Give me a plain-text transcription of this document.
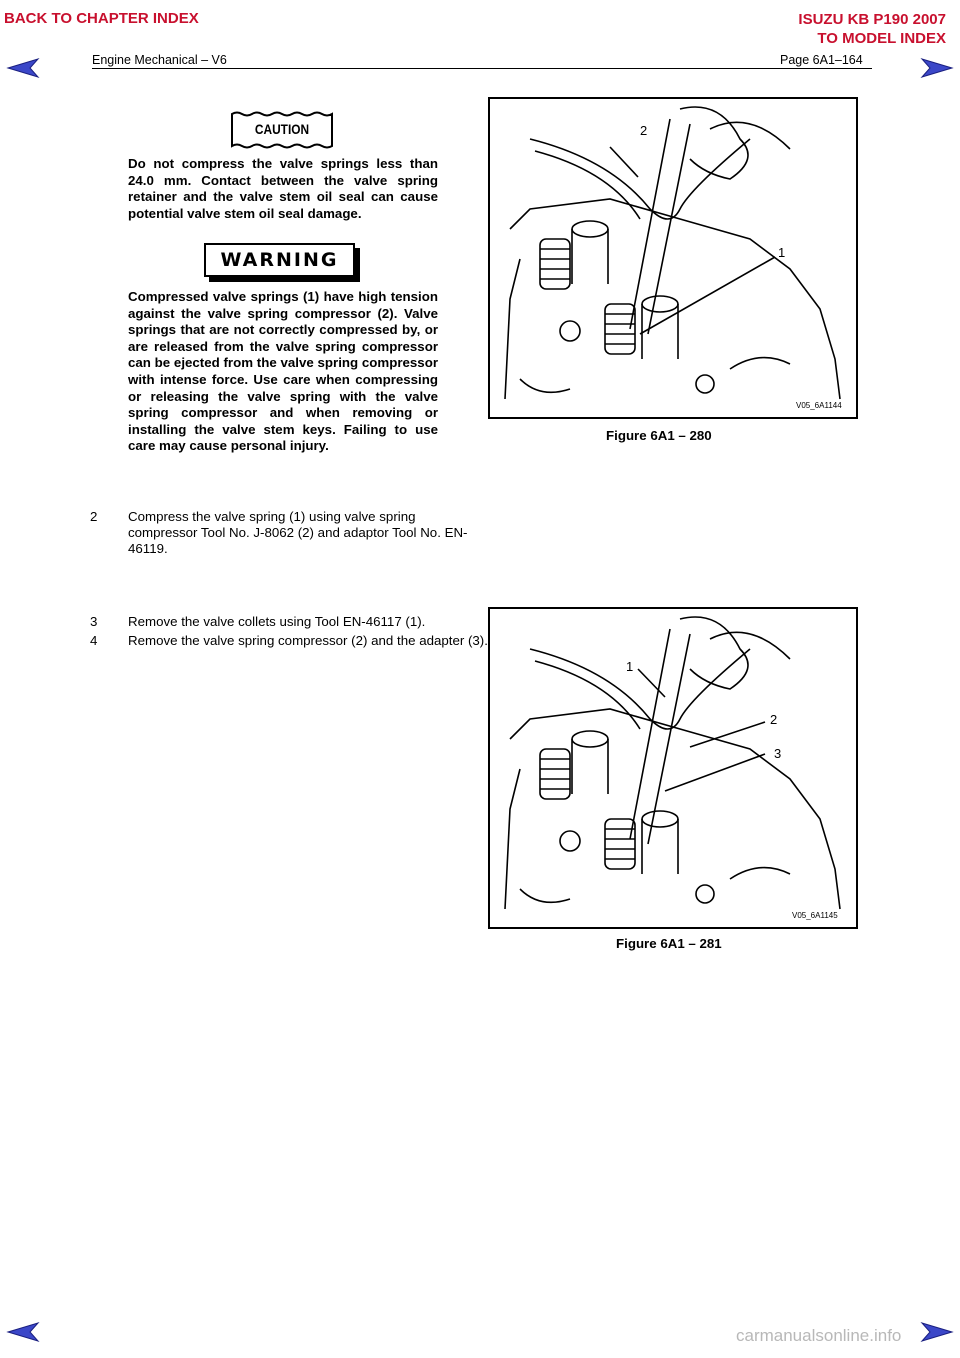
BACK TO CHAPTER INDEX	ISUZU KB P190 2007
TO MODEL INDEX
Engine Mechanical – V6	Page 6A1–164
CAUTION
Do not compress the valve springs less than 24.0 mm. Contact between the valve spring retainer and the valve stem oil seal can cause potential valve stem oil seal damage.
WARNING
Compressed valve springs (1) have high tension against the valve spring compressor (2). Valve springs that are not correctly compressed by, or are released from the valve spring compressor can be ejected from the valve spring compressor with intense force. Use care when compressing or releasing the valve spring with the valve spring compressor and when removing or installing the valve stem keys. Failing to use care may cause personal injury.
2 Compress the valve spring (1) using valve spring compressor Tool No. J-8062 (2) and adaptor Tool No. EN-46119.
3 Remove the valve collets using Tool EN-46117 (1).
4 Remove the valve spring compressor (2) and the adapter (3).
2
1
V05_6A1144
Figure 6A1 – 280
1
2
3
V05_6A1145
Figure 6A1 – 281
carmanualsonline.info
